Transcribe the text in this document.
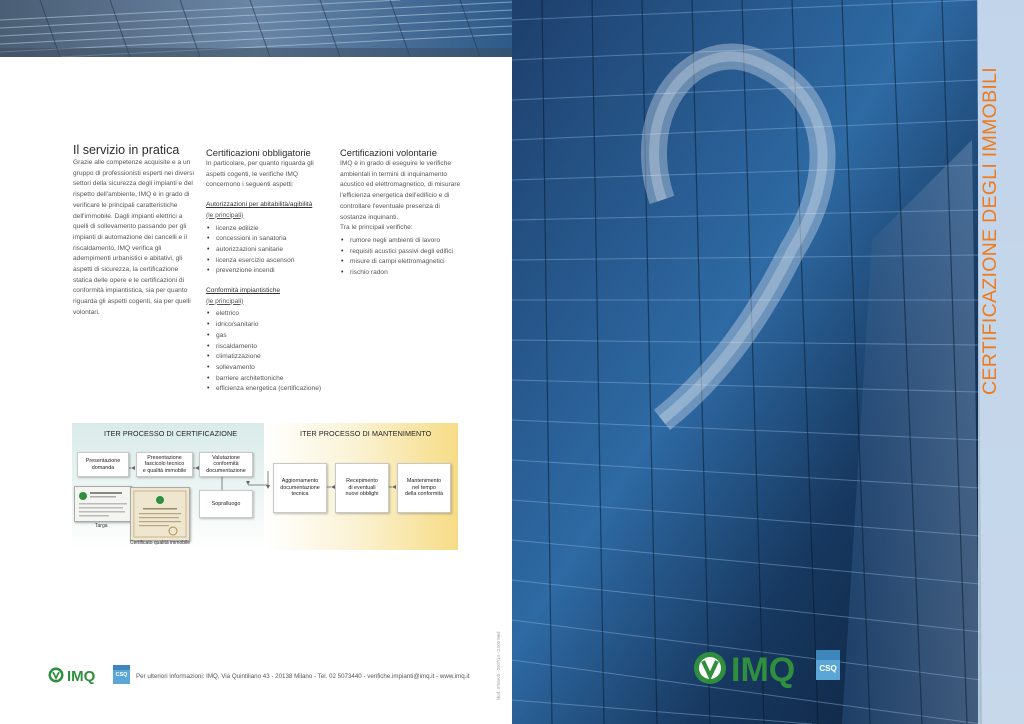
Il servizio in pratica

Grazie alle competenze acquisite e a un gruppo di professionisti esperti nei diversi settori della sicurezza degli impianti e del rispetto dell'ambiente, IMQ è in grado di verificare le principali caratteristiche dell'immobile. Dagli impianti elettrici a quelli di sollevamento passando per gli impianti di automazione dei cancelli e il riscaldamento, IMQ verifica gli adempimenti urbanistici e abitativi, gli aspetti di sicurezza, la certificazione statica delle opere e le certificazioni di conformità impiantistica, sia per quanto riguarda gli aspetti cogenti, sia per quelli volontari.

Certificazioni obbligatorie

In particolare, per quanto riguarda gli aspetti cogenti, le verifiche IMQ concernono i seguenti aspetti:

Autorizzazioni per abitabilità/agibilità

(le principali)

• licenze edilizie
• concessioni in sanatoria
• autorizzazioni sanitarie
• licenza esercizio ascensori
• prevenzione incendi

Conformità impiantistiche

(le principali)

• elettrico
• idrico/sanitario
• gas
• riscaldamento
• climatizzazione
• sollevamento
• barriere architettoniche
• efficienza energetica (certificazione)
Certificazioni volontarie

IMQ è in grado di eseguire le verifiche ambientali in termini di inquinamento acustico ed elettromagnetico, di misurare l'efficienza energetica dell'edificio e di controllare l'eventuale presenza di sostanze inquinanti.

Tra le principali verifiche:

• rumore negli ambienti di lavoro
• requisiti acustici passivi degli edifici
• misure di campi elettromagnetici
• rischio radon
ITER PROCESSO DI CERTIFICAZIONE	ITER PROCESSO DI MANTENIMENTO
Presentazione
domanda
Presentazione
fascicolo tecnico
e qualità immobile
Valutazione
conformità
documentazione
Sopralluogo
Aggiornamento
documentazione
tecnica
Recepimento
di eventuali
nuovi obblighi
Mantenimento
nel tempo
della conformità
Targa
Certificato qualità immobile
IMQ	CSQ	Per ulteriori informazioni: IMQ, Via Quintiliano 43 - 20138 Milano - Tel. 02 5073440 - verifiche.impianti@imq.it - www.imq.it	Mod. 3755A/0 - 2007/10 - 2.000 Med	IMQ	CSQ
CERTIFICAZIONE DEGLI IMMOBILI
